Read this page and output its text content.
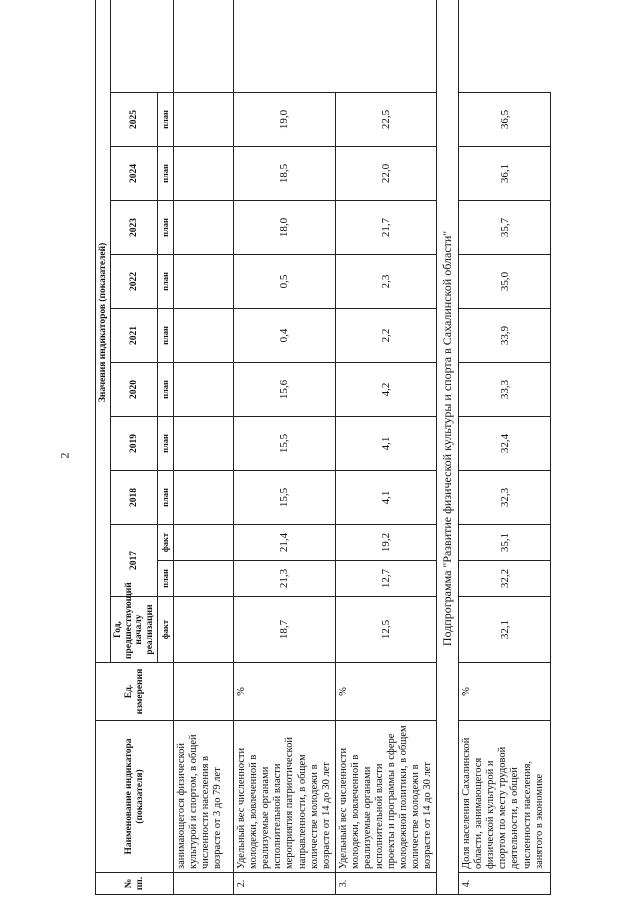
2
№ пп.	Наименование индикатора (показателя)	Ед. измерения	Значения индикаторов (показателей)											
			Год, предшествующий началу реализации	2017		2018	2019	2020	2021	2022	2023	2024	2025	
			факт	план	факт	план	план	план	план	план	план	план	план	
	занимающегося физической культурой и спортом, в общей численности населения в возрасте от 3 до 79 лет													
2.	Удельный вес численности молодежи, вовлеченной в реализуемые органами исполнительной власти мероприятия патриотической направленности, в общем количестве молодежи в возрасте от 14 до 30 лет	%	18,7	21,3	21,4	15,5	15,5	15,6	0,4	0,5	18,0	18,5	19,0	
3.	Удельный вес численности молодежи, вовлеченной в реализуемые органами исполнительной власти проекты и программы в сфере молодежной политики, в общем количестве молодежи в возрасте от 14 до 30 лет	%	12,5	12,7	19,2	4,1	4,1	4,2	2,2	2,3	21,7	22,0	22,5	
Подпрограмма "Развитие физической культуры и спорта в Сахалинской области"														
4.	Доля населения Сахалинской области, занимающегося физической культурой и спортом по месту трудовой деятельности, в общей численности населения, занятого в экономике	%	32,1	32,2	35,1	32,3	32,4	33,3	33,9	35,0	35,7	36,1	36,5	
